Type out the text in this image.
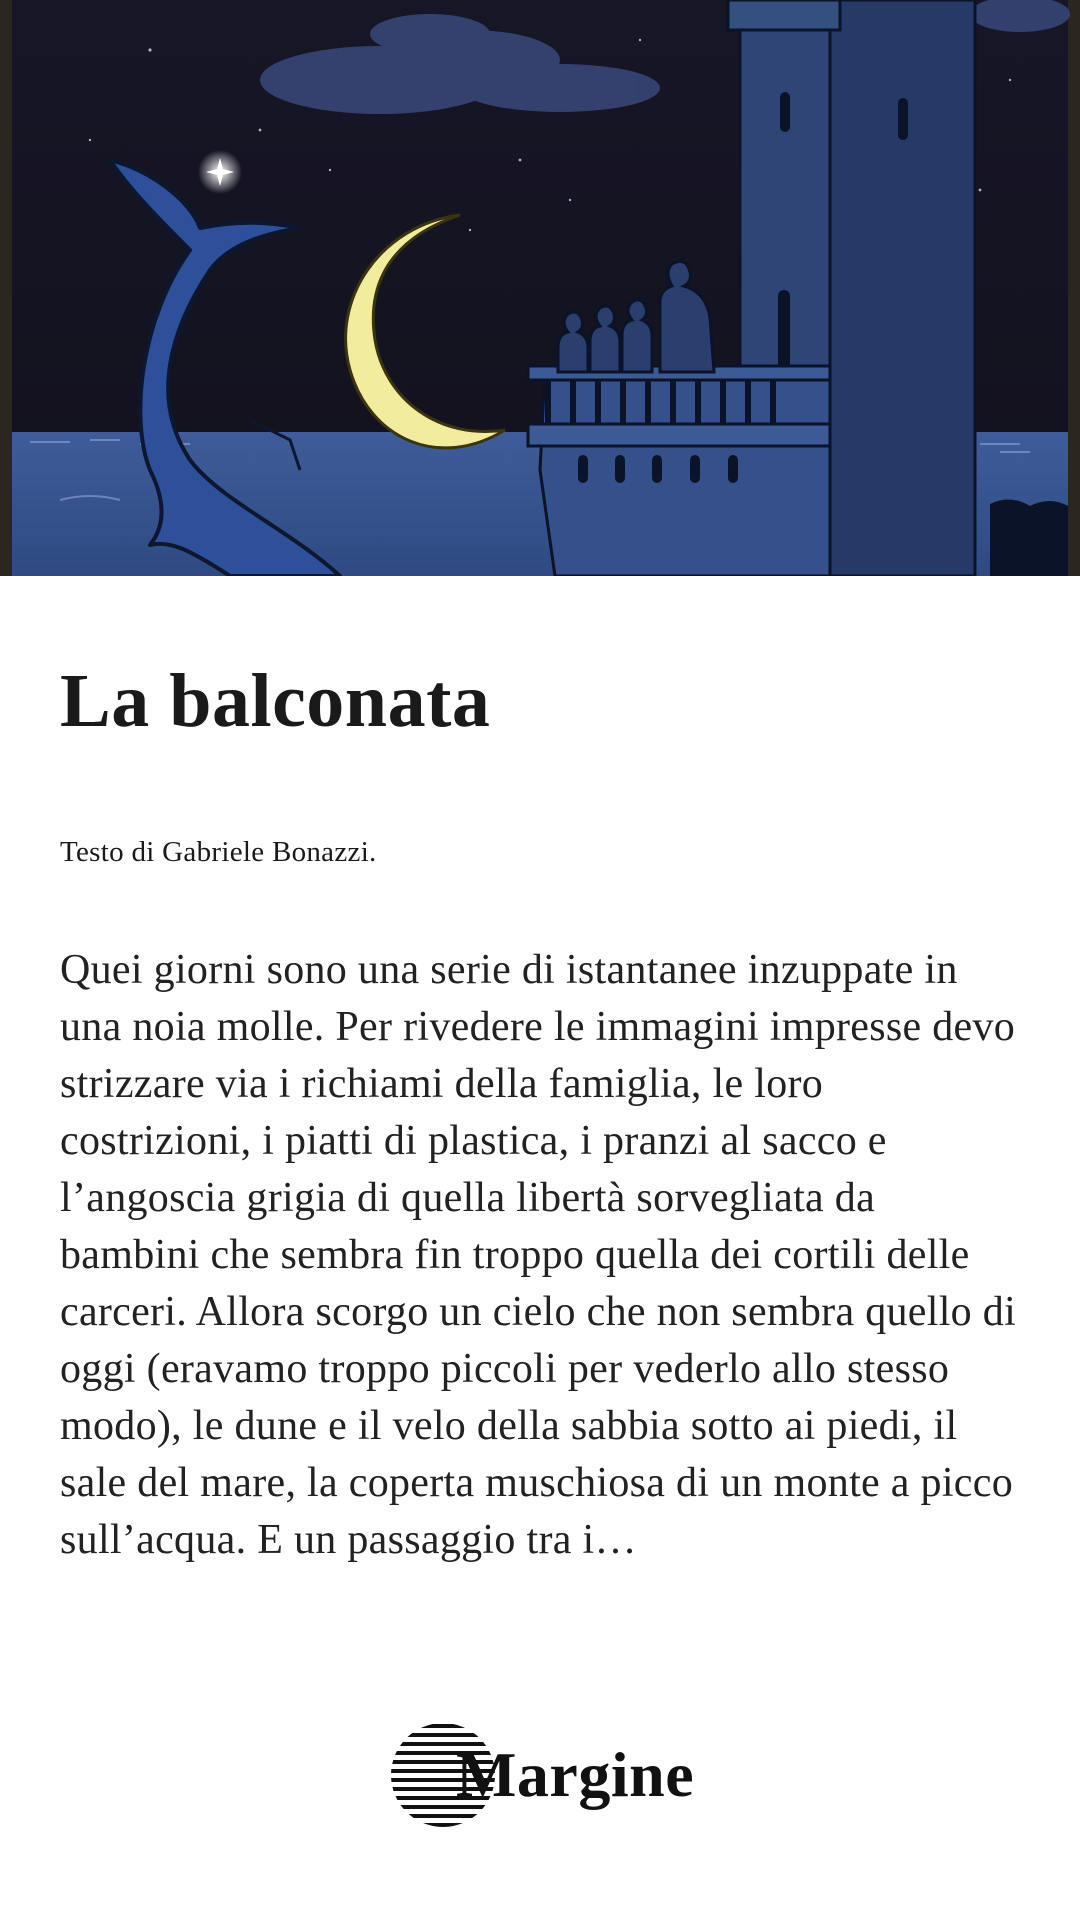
La balconata

Testo di Gabriele Bonazzi.

Quei giorni sono una serie di istantanee inzuppate in una noia molle. Per rivedere le immagini impresse devo strizzare via i richiami della famiglia, le loro costrizioni, i piatti di plastica, i pranzi al sacco e l’angoscia grigia di quella libertà sorvegliata da bambini che sembra fin troppo quella dei cortili delle carceri. Allora scorgo un cielo che non sembra quello di oggi (eravamo troppo piccoli per vederlo allo stesso modo), le dune e il velo della sabbia sotto ai piedi, il sale del mare, la coperta muschiosa di un monte a picco sull’acqua. E un passaggio tra i…

Margine
